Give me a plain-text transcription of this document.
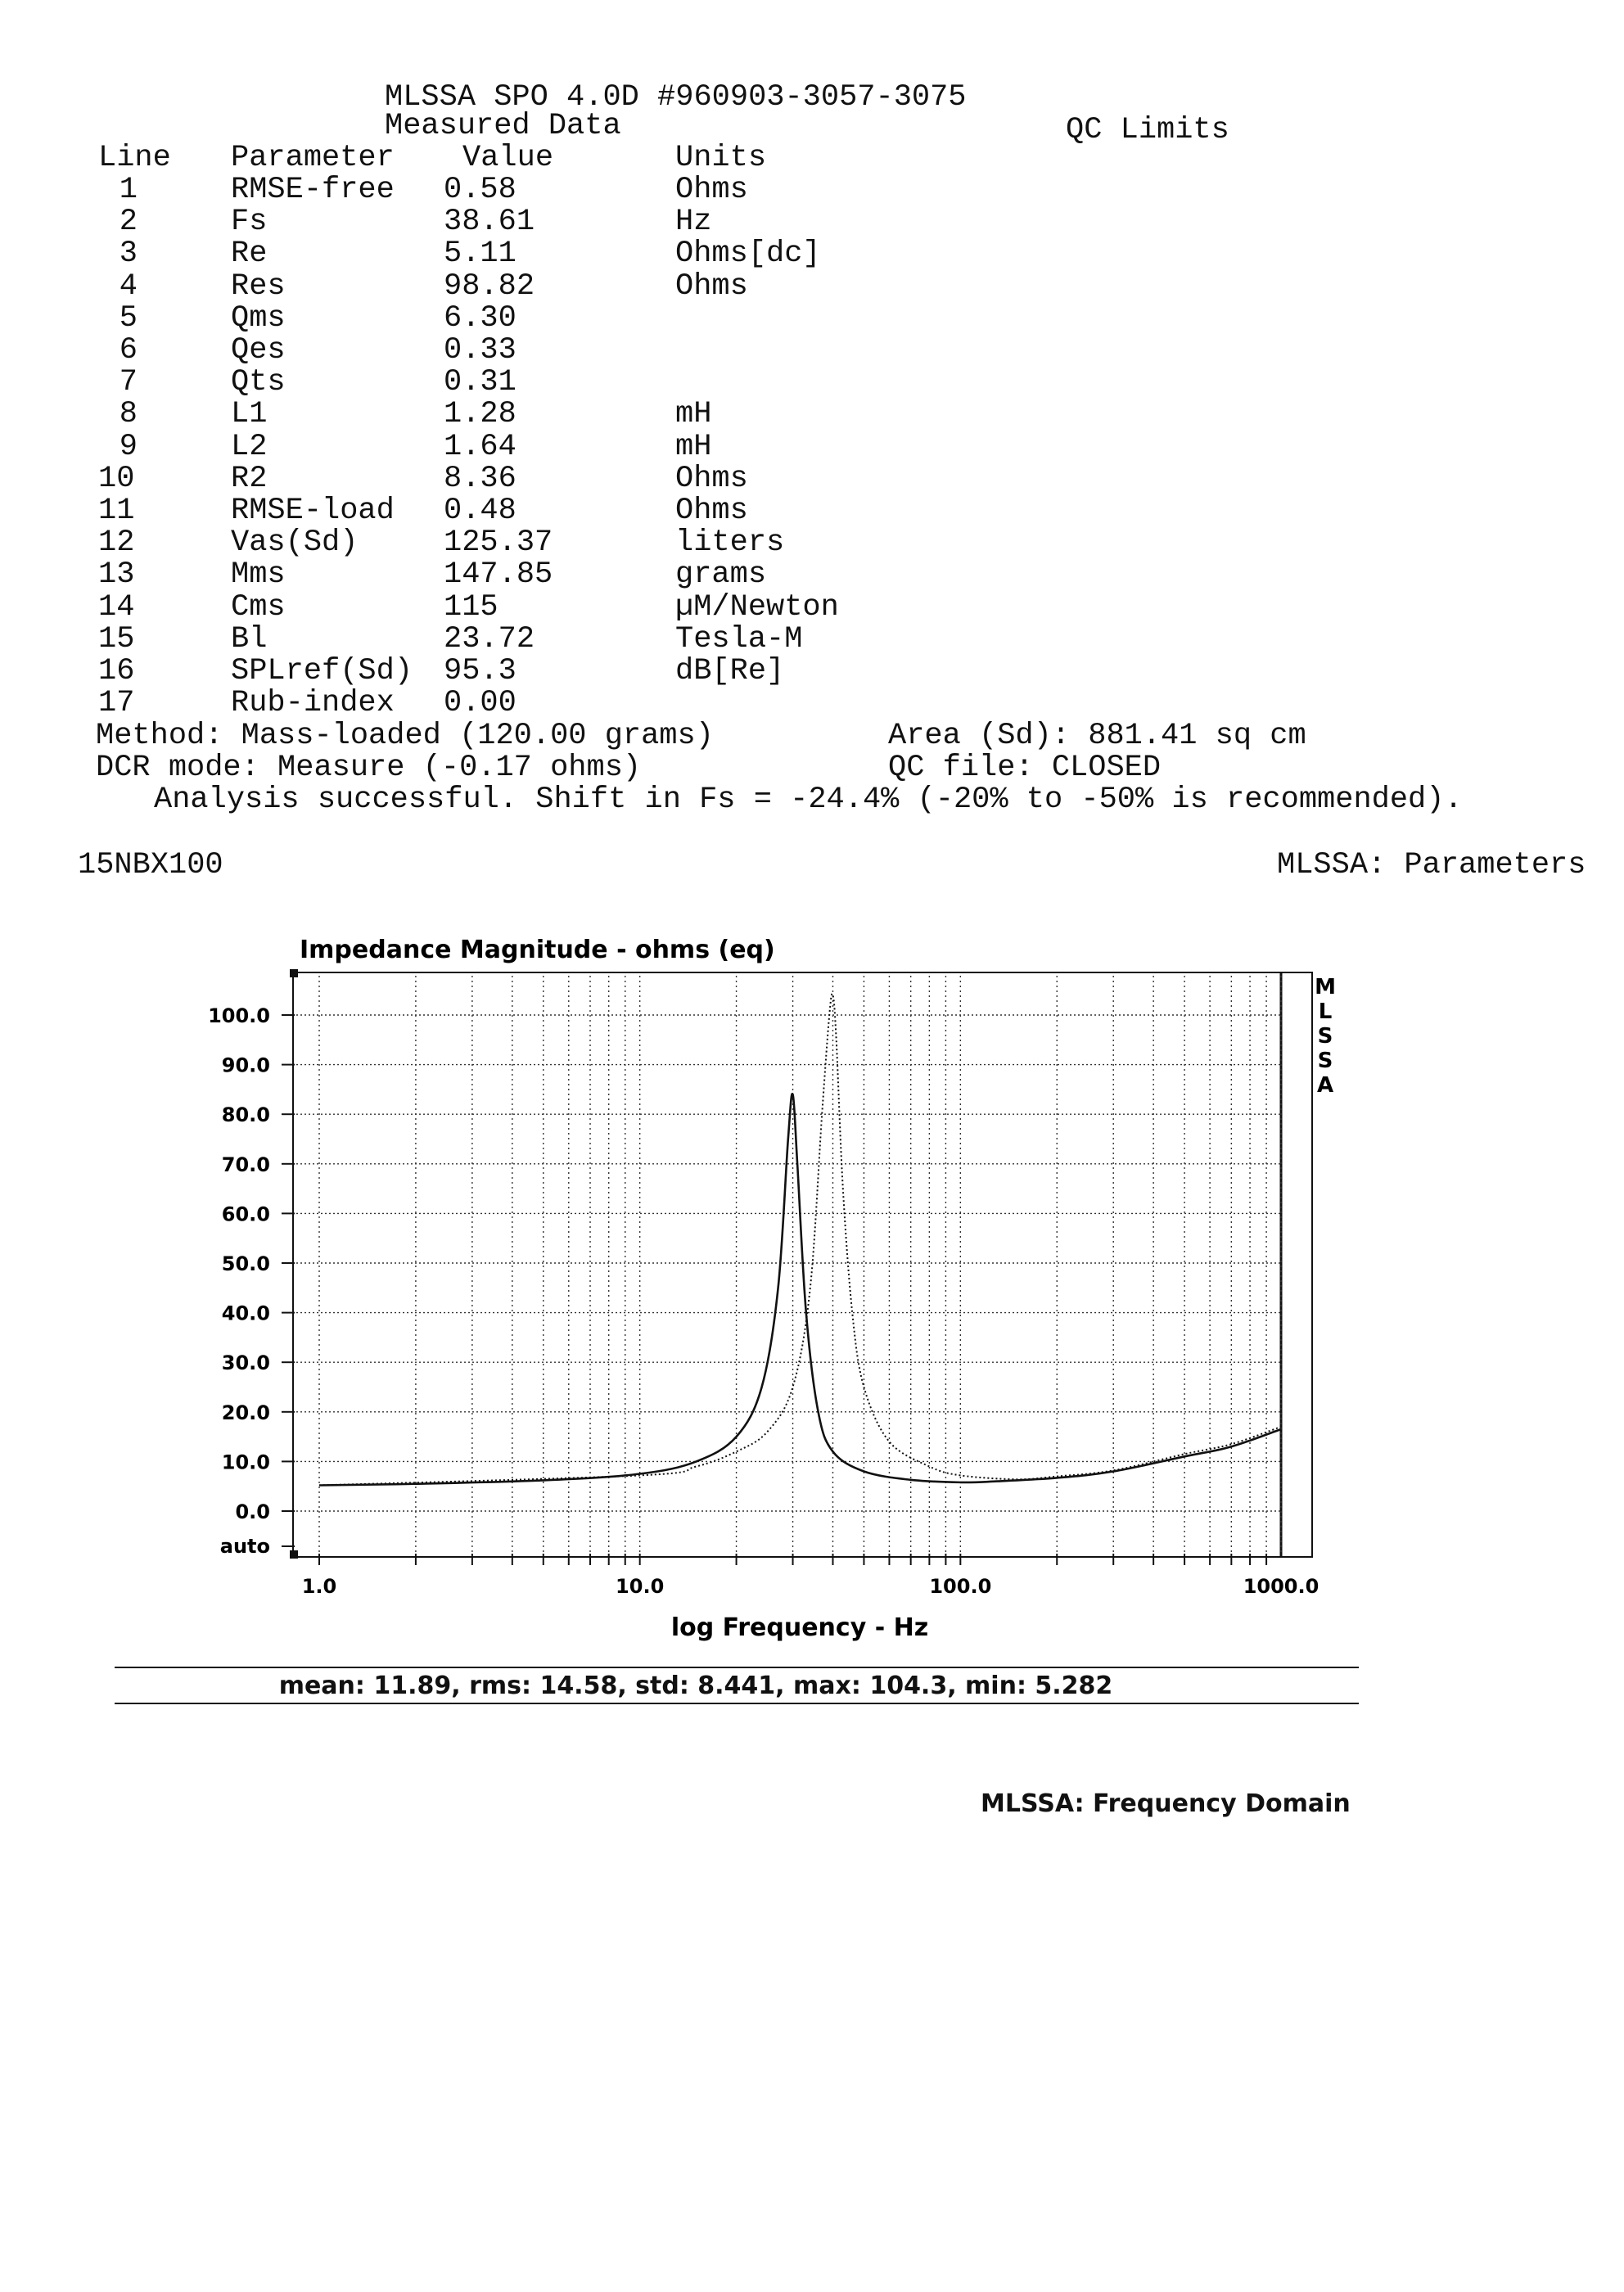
MLSSA SPO 4.0D #960903-3057-3075
Measured Data	QC Limits
Line Parameter Value	Units
1	RMSE-free 0.58	Ohms
2	Fs	38.61	Hz
3	Re	5.11	Ohms[dc]
4	Res	98.82	Ohms
5	Qms	6.30
6	Qes	0.33
7	Qts	0.31
8	L1	1.28	mH
9	L2	1.64	mH
10	R2	8.36	Ohms
11	RMSE-load 0.48	Ohms
12	Vas(Sd)	125.37	liters
13	Mms	147.85	grams
14	Cms	115	µM/Newton
15	Bl	23.72	Tesla-M
16	SPLref(Sd) 95.3	dB[Re]
17	Rub-index 0.00
Method: Mass-loaded (120.00 grams)	Area (Sd): 881.41 sq cm
DCR mode: Measure (-0.17 ohms)	QC file: CLOSED
Analysis successful. Shift in Fs = -24.4% (-20% to -50% is recommended).
15NBX100	MLSSA: Parameters
100.0
90.0
80.0
70.0
60.0
50.0
40.0
30.0
20.0
10.0
0.0
auto
1.0	10.0	100.0	1000.0
Impedance Magnitude - ohms (eq)
log Frequency - Hz
M
L
S
S
A
mean: 11.89, rms: 14.58, std: 8.441, max: 104.3, min: 5.282
MLSSA: Frequency Domain
